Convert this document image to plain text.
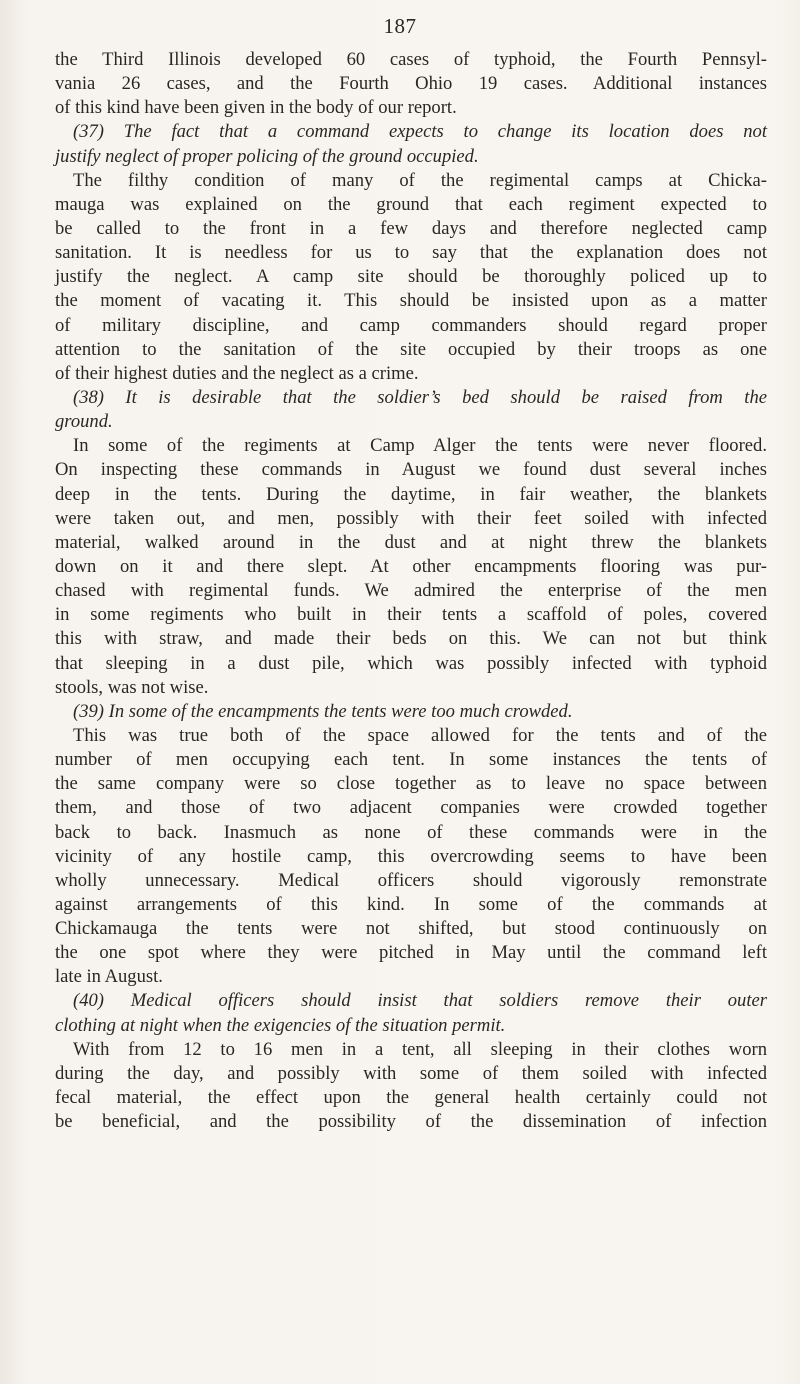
187
the Third Illinois developed 60 cases of typhoid, the Fourth Pennsyl-
vania 26 cases, and the Fourth Ohio 19 cases. Additional instances
of this kind have been given in the body of our report.
(37) The fact that a command expects to change its location does not
justify neglect of proper policing of the ground occupied.
The filthy condition of many of the regimental camps at Chicka-
mauga was explained on the ground that each regiment expected to
be called to the front in a few days and therefore neglected camp
sanitation. It is needless for us to say that the explanation does not
justify the neglect. A camp site should be thoroughly policed up to
the moment of vacating it. This should be insisted upon as a matter
of military discipline, and camp commanders should regard proper
attention to the sanitation of the site occupied by their troops as one
of their highest duties and the neglect as a crime.
(38) It is desirable that the soldier’s bed should be raised from the
ground.
In some of the regiments at Camp Alger the tents were never floored.
On inspecting these commands in August we found dust several inches
deep in the tents. During the daytime, in fair weather, the blankets
were taken out, and men, possibly with their feet soiled with infected
material, walked around in the dust and at night threw the blankets
down on it and there slept. At other encampments flooring was pur-
chased with regimental funds. We admired the enterprise of the men
in some regiments who built in their tents a scaffold of poles, covered
this with straw, and made their beds on this. We can not but think
that sleeping in a dust pile, which was possibly infected with typhoid
stools, was not wise.
(39) In some of the encampments the tents were too much crowded.
This was true both of the space allowed for the tents and of the
number of men occupying each tent. In some instances the tents of
the same company were so close together as to leave no space between
them, and those of two adjacent companies were crowded together
back to back. Inasmuch as none of these commands were in the
vicinity of any hostile camp, this overcrowding seems to have been
wholly unnecessary. Medical officers should vigorously remonstrate
against arrangements of this kind. In some of the commands at
Chickamauga the tents were not shifted, but stood continuously on
the one spot where they were pitched in May until the command left
late in August.
(40) Medical officers should insist that soldiers remove their outer
clothing at night when the exigencies of the situation permit.
With from 12 to 16 men in a tent, all sleeping in their clothes worn
during the day, and possibly with some of them soiled with infected
fecal material, the effect upon the general health certainly could not
be beneficial, and the possibility of the dissemination of infection
